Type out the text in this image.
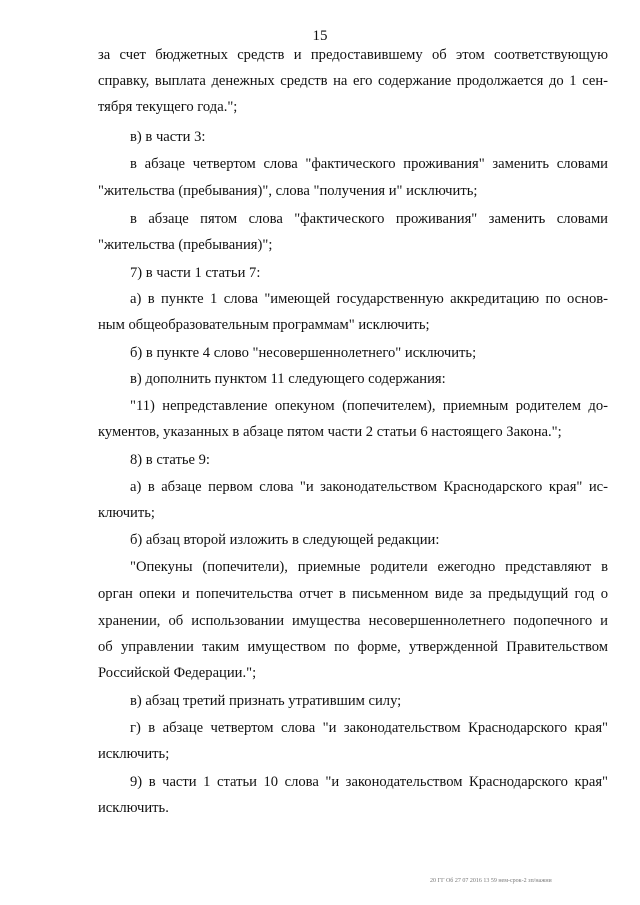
15
за счет бюджетных средств и предоставившему об этом соответствующую
справку, выплата денежных средств на его содержание продолжается до 1 сен-
тября текущего года.";
в) в части 3:
в абзаце четвертом слова "фактического проживания" заменить словами
"жительства (пребывания)", слова "получения и" исключить;
в абзаце пятом слова "фактического проживания" заменить словами
"жительства (пребывания)";
7) в части 1 статьи 7:
а) в пункте 1 слова "имеющей государственную аккредитацию по основ-
ным общеобразовательным программам" исключить;
б) в пункте 4 слово "несовершеннолетнего" исключить;
в) дополнить пунктом 11 следующего содержания:
"11) непредставление опекуном (попечителем), приемным родителем до-
кументов, указанных в абзаце пятом части 2 статьи 6 настоящего Закона.";
8) в статье 9:
а) в абзаце первом слова "и законодательством Краснодарского края" ис-
ключить;
б) абзац второй изложить в следующей редакции:
"Опекуны (попечители), приемные родители ежегодно представляют в
орган опеки и попечительства отчет в письменном виде за предыдущий год о
хранении, об использовании имущества несовершеннолетнего подопечного и
об управлении таким имуществом по форме, утвержденной Правительством
Российской Федерации.";
в) абзац третий признать утратившим силу;
г) в абзаце четвертом слова "и законодательством Краснодарского края"
исключить;
9) в части 1 статьи 10 слова "и законодательством Краснодарского края"
исключить.
20 ГГ Об 27 07 2016 13 59 нем-срок-2 зп/нажни
